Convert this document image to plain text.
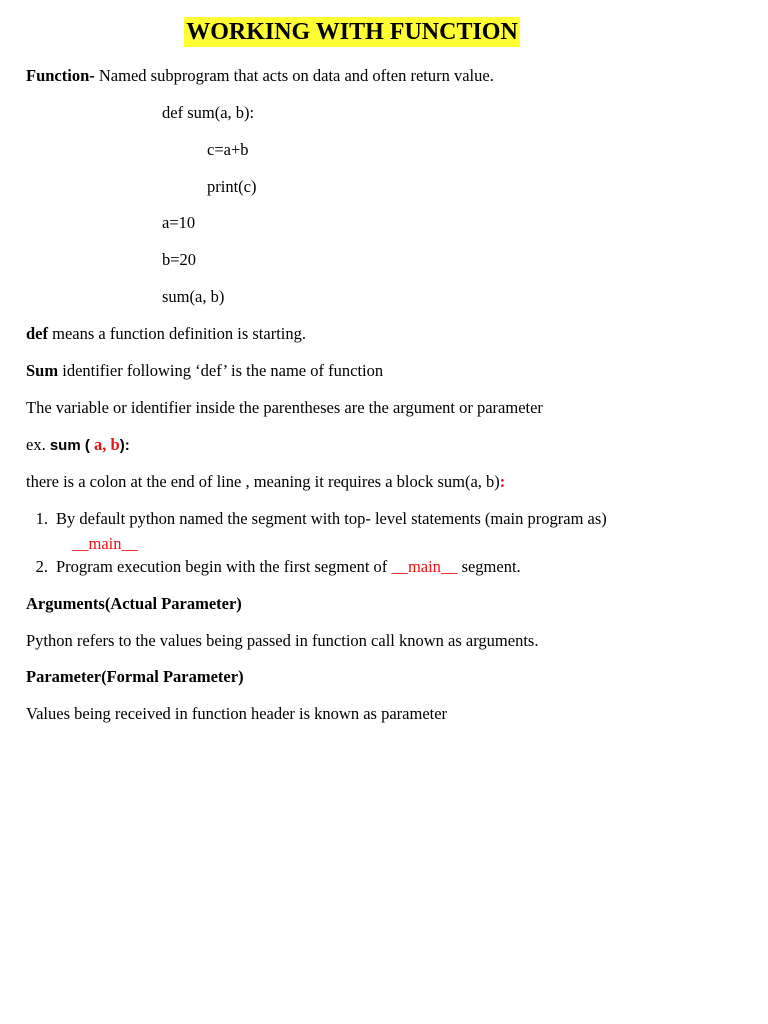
WORKING WITH FUNCTION
Function- Named subprogram that acts on data and often return value.
def sum(a, b):
c=a+b
print(c)
a=10
b=20
sum(a, b)
def means a function definition is starting.
Sum identifier following ‘def’ is the name of function
The variable or identifier inside the parentheses are the argument or parameter
ex. sum ( a, b):
there is a colon at the end of line , meaning it requires a block sum(a, b):
1. By default python named the segment with top- level statements (main program as)
__main__
2. Program execution begin with the first segment of __main__ segment.
Arguments(Actual Parameter)
Python refers to the values being passed in function call known as arguments.
Parameter(Formal Parameter)
Values being received in function header is known as parameter
